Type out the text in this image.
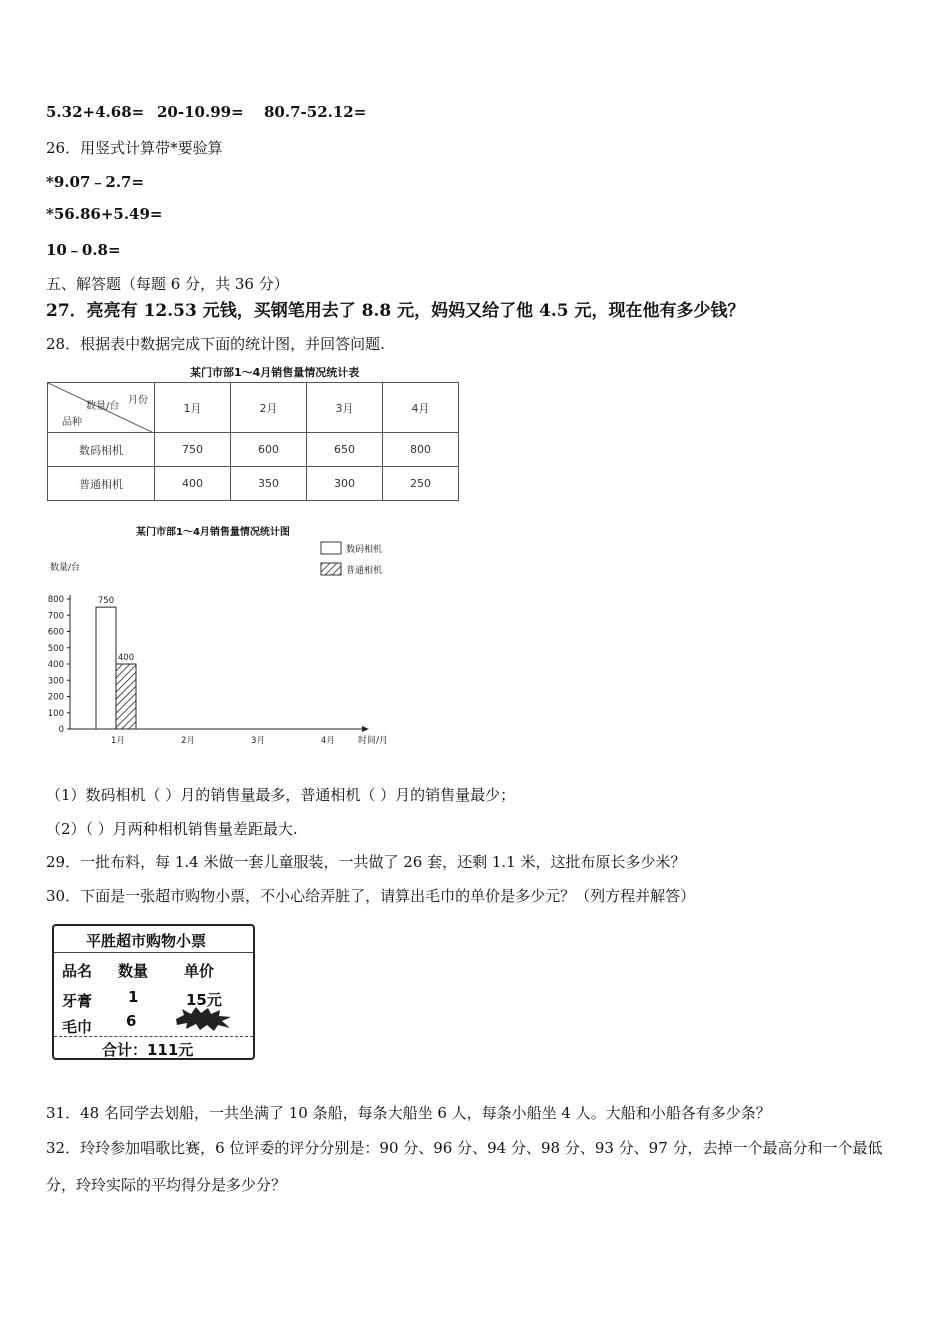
5.32+4.68= 20-10.99= 80.7-52.12=
26．用竖式计算带*要验算
*9.07﹣2.7=
*56.86+5.49=
10﹣0.8=
五、解答题（每题 6 分，共 36 分）
27．亮亮有 12.53 元钱，买钢笔用去了 8.8 元，妈妈又给了他 4.5 元，现在他有多少钱？
28．根据表中数据完成下面的统计图，并回答问题.
某门市部1～4月销售量情况统计表
月份
数量/台
品种	1月	2月	3月	4月
数码相机	750	600	650	800
普通相机	400	350	300	250
某门市部1～4月销售量情况统计图
数量/台
时间/月
数码相机
普通相机
0
100
200
300
400
500
600
700
800
1月	2月	3月	4月
750
400
（1）数码相机（ ）月的销售量最多，普通相机（ ）月的销售量最少；
（2）（ ）月两种相机销售量差距最大.
29．一批布料，每 1.4 米做一套儿童服装，一共做了 26 套，还剩 1.1 米，这批布原长多少米？
30．下面是一张超市购物小票，不小心给弄脏了，请算出毛巾的单价是多少元？（列方程并解答）
平胜超市购物小票
品名 数量 单价
牙膏 1	15元
毛巾 6
合计：111元
31．48 名同学去划船，一共坐满了 10 条船，每条大船坐 6 人，每条小船坐 4 人。大船和小船各有多少条？
32．玲玲参加唱歌比赛，6 位评委的评分分别是：90 分、96 分、94 分、98 分、93 分、97 分，去掉一个最高分和一个最低
分，玲玲实际的平均得分是多少分？
